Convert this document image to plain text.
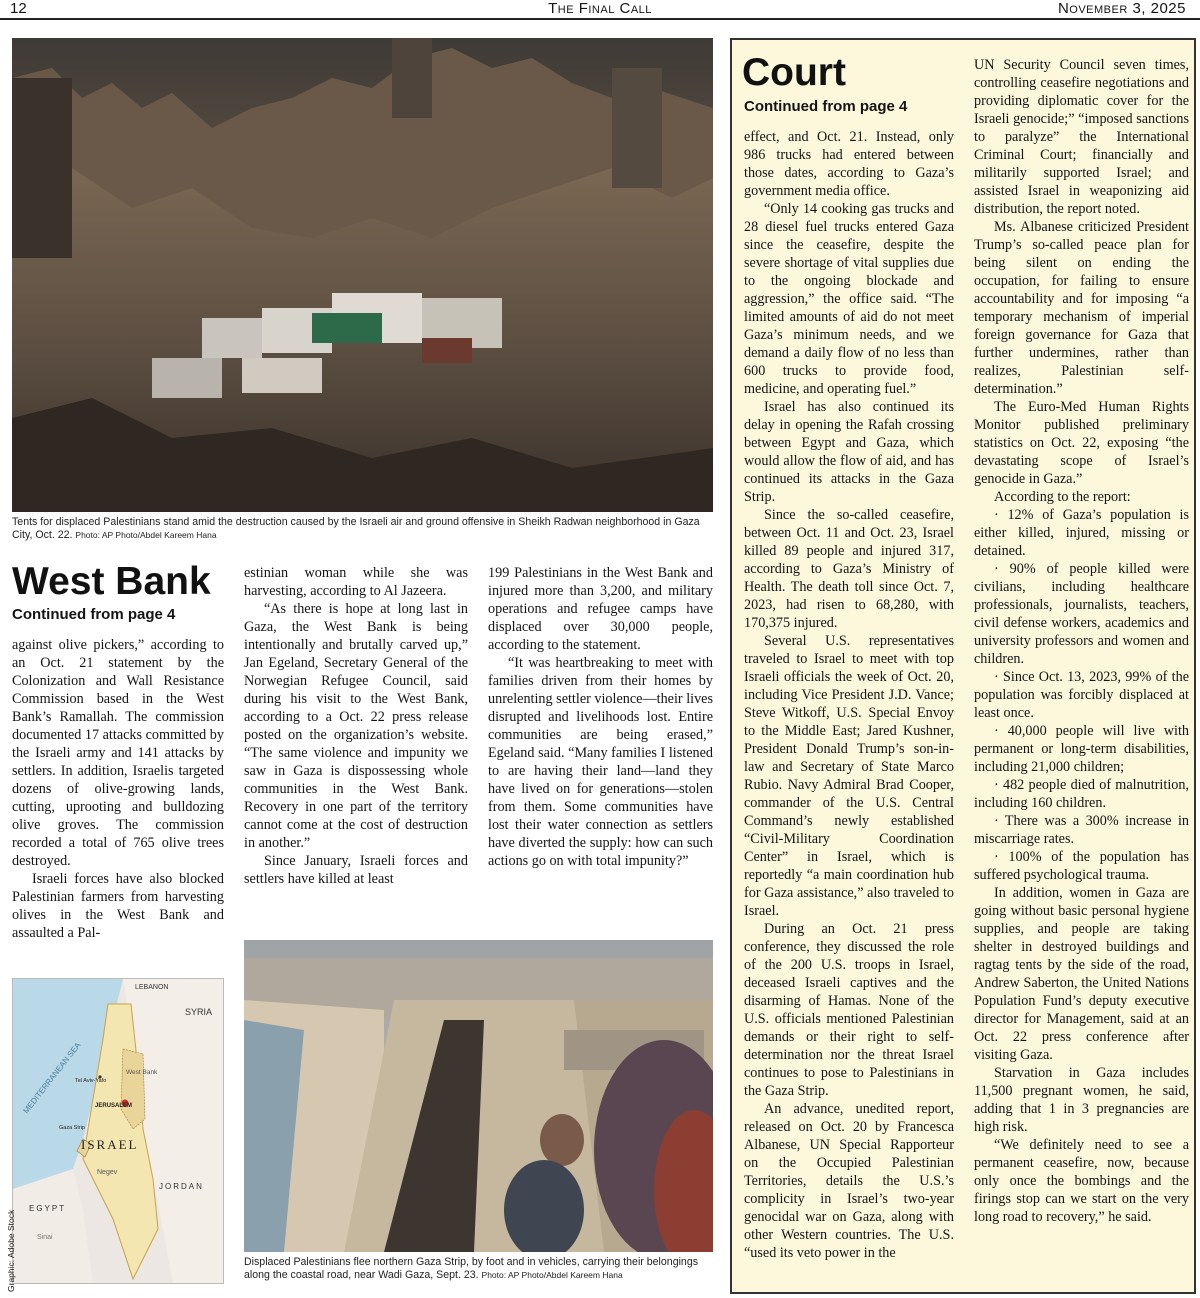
12	The Final Call	November 3, 2025
Tents for displaced Palestinians stand amid the destruction caused by the Israeli air and ground offensive in Sheikh Radwan neighborhood in Gaza City, Oct. 22. Photo: AP Photo/Abdel Kareem Hana
West Bank
Continued from page 4

against olive pickers,” according to an Oct. 21 statement by the Colonization and Wall Resistance Commission based in the West Bank’s Ramallah. The commission documented 17 attacks committed by the Israeli army and 141 attacks by settlers. In addition, Israelis targeted dozens of olive-growing lands, cutting, uprooting and bulldozing olive groves. The commission recorded a total of 765 olive trees destroyed.

Israeli forces have also blocked Palestinian farmers from harvesting olives in the West Bank and assaulted a Pal-

estinian woman while she was harvesting, according to Al Jazeera.

“As there is hope at long last in Gaza, the West Bank is being intentionally and brutally carved up,” Jan Egeland, Secretary General of the Norwegian Refugee Council, said during his visit to the West Bank, according to a Oct. 22 press release posted on the organization’s website. “The same violence and impunity we saw in Gaza is dispossessing whole communities in the West Bank. Recovery in one part of the territory cannot come at the cost of destruction in another.”

Since January, Israeli forces and settlers have killed at least

199 Palestinians in the West Bank and injured more than 3,200, and military operations and refugee camps have displaced over 30,000 people, according to the statement.

“It was heartbreaking to meet with families driven from their homes by unrelenting settler violence—their lives disrupted and livelihoods lost. Entire communities are being erased,” Egeland said. “Many families I listened to are having their land—land they have lived on for generations—stolen from them. Some communities have lost their water connection as settlers have diverted the supply: how can such actions go on with total impunity?”

LEBANON
SYRIA
MEDITERRANEAN SEA
Tel Aviv-Yafo
West Bank
JERUSALEM
Gaza Strip
ISRAEL
Negev
JORDAN
EGYPT
Sinai
Graphic: Adobe Stock	Displaced Palestinians flee northern Gaza Strip, by foot and in vehicles, carrying their belongings along the coastal road, near Wadi Gaza, Sept. 23. Photo: AP Photo/Abdel Kareem Hana
Court
Continued from page 4

effect, and Oct. 21. Instead, only 986 trucks had entered between those dates, according to Gaza’s government media office.

“Only 14 cooking gas trucks and 28 diesel fuel trucks entered Gaza since the ceasefire, despite the severe shortage of vital supplies due to the ongoing blockade and aggression,” the office said. “The limited amounts of aid do not meet Gaza’s minimum needs, and we demand a daily flow of no less than 600 trucks to provide food, medicine, and operating fuel.”

Israel has also continued its delay in opening the Rafah crossing between Egypt and Gaza, which would allow the flow of aid, and has continued its attacks in the Gaza Strip.

Since the so-called ceasefire, between Oct. 11 and Oct. 23, Israel killed 89 people and injured 317, according to Gaza’s Ministry of Health. The death toll since Oct. 7, 2023, had risen to 68,280, with 170,375 injured.

Several U.S. representatives traveled to Israel to meet with top Israeli officials the week of Oct. 20, including Vice President J.D. Vance; Steve Witkoff, U.S. Special Envoy to the Middle East; Jared Kushner, President Donald Trump’s son-in-law and Secretary of State Marco Rubio. Navy Admiral Brad Cooper, commander of the U.S. Central Command’s newly established “Civil-Military Coordination Center” in Israel, which is reportedly “a main coordination hub for Gaza assistance,” also traveled to Israel.

During an Oct. 21 press conference, they discussed the role of the 200 U.S. troops in Israel, deceased Israeli captives and the disarming of Hamas. None of the U.S. officials mentioned Palestinian demands or their right to self-determination nor the threat Israel continues to pose to Palestinians in the Gaza Strip.

An advance, unedited report, released on Oct. 20 by Francesca Albanese, UN Special Rapporteur on the Occupied Palestinian Territories, details the U.S.’s complicity in Israel’s two-year genocidal war on Gaza, along with other Western countries. The U.S. “used its veto power in the

UN Security Council seven times, controlling ceasefire negotiations and providing diplomatic cover for the Israeli genocide;” “imposed sanctions to paralyze” the International Criminal Court; financially and militarily supported Israel; and assisted Israel in weaponizing aid distribution, the report noted.

Ms. Albanese criticized President Trump’s so-called peace plan for being silent on ending the occupation, for failing to ensure accountability and for imposing “a temporary mechanism of imperial foreign governance for Gaza that further undermines, rather than realizes, Palestinian self-determination.”

The Euro-Med Human Rights Monitor published preliminary statistics on Oct. 22, exposing “the devastating scope of Israel’s genocide in Gaza.”

According to the report:

· 12% of Gaza’s population is either killed, injured, missing or detained.

· 90% of people killed were civilians, including healthcare professionals, journalists, teachers, civil defense workers, academics and university professors and women and children.

· Since Oct. 13, 2023, 99% of the population was forcibly displaced at least once.

· 40,000 people will live with permanent or long-term disabilities, including 21,000 children;

· 482 people died of malnutrition, including 160 children.

· There was a 300% increase in miscarriage rates.

· 100% of the population has suffered psychological trauma.

In addition, women in Gaza are going without basic personal hygiene supplies, and people are taking shelter in destroyed buildings and ragtag tents by the side of the road, Andrew Saberton, the United Nations Population Fund’s deputy executive director for Management, said at an Oct. 22 press conference after visiting Gaza.

Starvation in Gaza includes 11,500 pregnant women, he said, adding that 1 in 3 pregnancies are high risk.

“We definitely need to see a permanent ceasefire, now, because only once the bombings and the firings stop can we start on the very long road to recovery,” he said.
